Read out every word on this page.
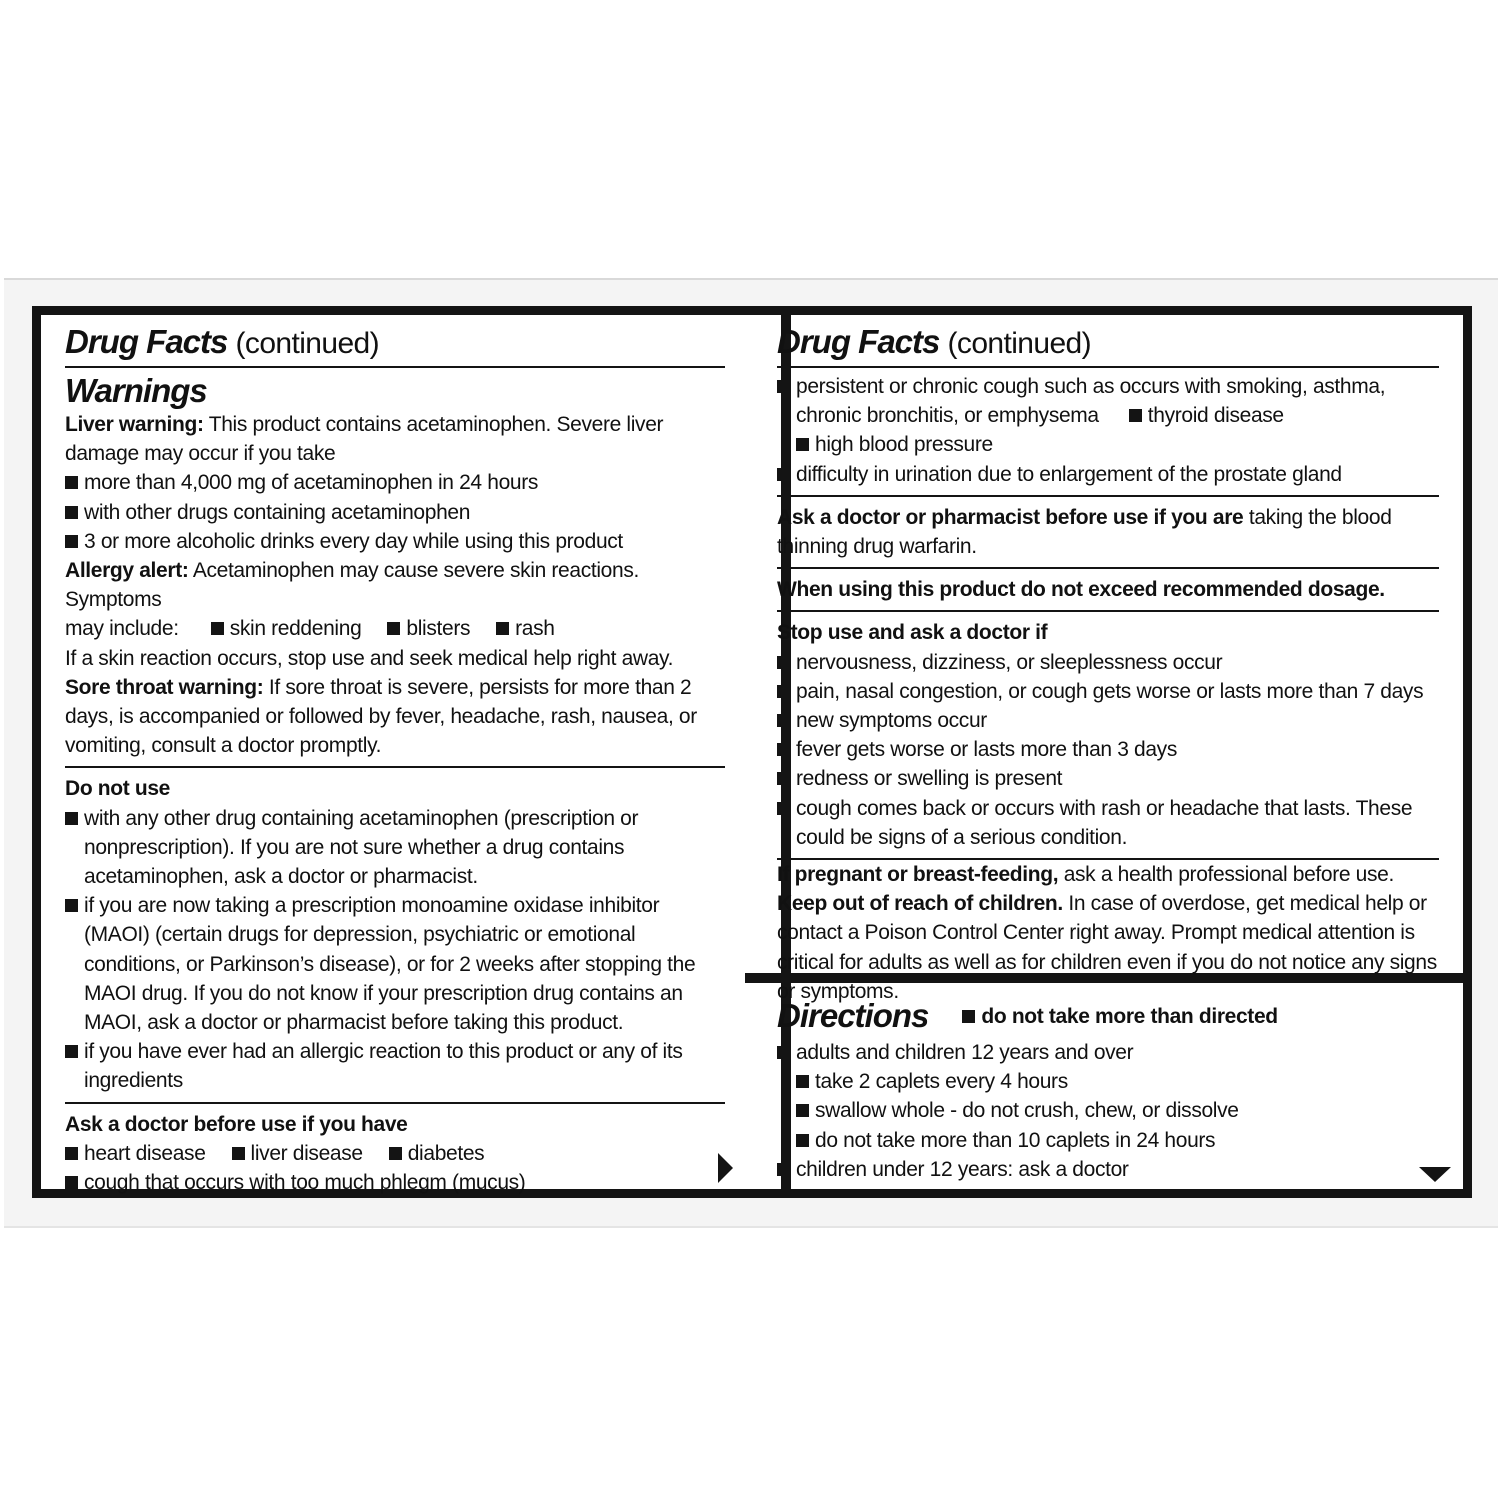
Drug Facts (continued)
Warnings

Liver warning: This product contains acetaminophen. Severe liver damage may occur if you take

more than 4,000 mg of acetaminophen in 24 hours
with other drugs containing acetaminophen
3 or more alcoholic drinks every day while using this product

Allergy alert: Acetaminophen may cause severe skin reactions. Symptoms

may include: skin reddening blisters rash

If a skin reaction occurs, stop use and seek medical help right away.

Sore throat warning: If sore throat is severe, persists for more than 2 days, is accompanied or followed by fever, headache, rash, nausea, or vomiting, consult a doctor promptly.

Do not use
with any other drug containing acetaminophen (prescription or nonprescription). If you are not sure whether a drug contains acetaminophen, ask a doctor or pharmacist.
if you are now taking a prescription monoamine oxidase inhibitor (MAOI) (certain drugs for depression, psychiatric or emotional conditions, or Parkinson’s disease), or for 2 weeks after stopping the MAOI drug. If you do not know if your prescription drug contains an MAOI, ask a doctor or pharmacist before taking this product.
if you have ever had an allergic reaction to this product or any of its ingredients
Ask a doctor before use if you have
heart disease liver disease diabetes
cough that occurs with too much phlegm (mucus)
Drug Facts (continued)
persistent or chronic cough such as occurs with smoking, asthma, chronic bronchitis, or emphysema thyroid disease
high blood pressure
difficulty in urination due to enlargement of the prostate gland

Ask a doctor or pharmacist before use if you are taking the blood thinning drug warfarin.

When using this product do not exceed recommended dosage.

Stop use and ask a doctor if
nervousness, dizziness, or sleeplessness occur
pain, nasal congestion, or cough gets worse or lasts more than 7 days
new symptoms occur
fever gets worse or lasts more than 3 days
redness or swelling is present
cough comes back or occurs with rash or headache that lasts. These could be signs of a serious condition.

If pregnant or breast-feeding, ask a health professional before use.

Keep out of reach of children. In case of overdose, get medical help or contact a Poison Control Center right away. Prompt medical attention is critical for adults as well as for children even if you do not notice any signs or symptoms.

Directions	do not take more than directed
adults and children 12 years and over
take 2 caplets every 4 hours
swallow whole - do not crush, chew, or dissolve
do not take more than 10 caplets in 24 hours
children under 12 years: ask a doctor
